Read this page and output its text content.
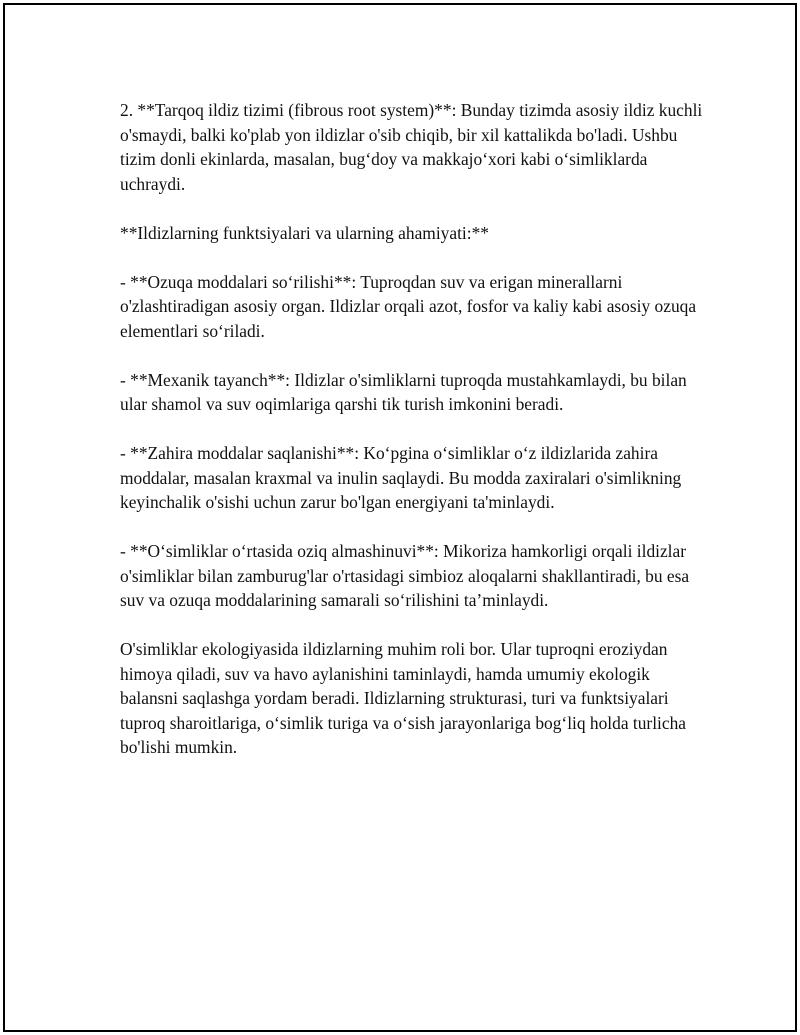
2. **Tarqoq ildiz tizimi (fibrous root system)**: Bunday tizimda asosiy ildiz kuchli o'smaydi, balki ko'plab yon ildizlar o'sib chiqib, bir xil kattalikda bo'ladi. Ushbu tizim donli ekinlarda, masalan, bug‘doy va makkajo‘xori kabi o‘simliklarda uchraydi.

**Ildizlarning funktsiyalari va ularning ahamiyati:**

- **Ozuqa moddalari so‘rilishi**: Tuproqdan suv va erigan minerallarni o'zlashtiradigan asosiy organ. Ildizlar orqali azot, fosfor va kaliy kabi asosiy ozuqa elementlari so‘riladi.

- **Mexanik tayanch**: Ildizlar o'simliklarni tuproqda mustahkamlaydi, bu bilan ular shamol va suv oqimlariga qarshi tik turish imkonini beradi.

- **Zahira moddalar saqlanishi**: Ko‘pgina o‘simliklar o‘z ildizlarida zahira moddalar, masalan kraxmal va inulin saqlaydi. Bu modda zaxiralari o'simlikning keyinchalik o'sishi uchun zarur bo'lgan energiyani ta'minlaydi.

- **O‘simliklar o‘rtasida oziq almashinuvi**: Mikoriza hamkorligi orqali ildizlar o'simliklar bilan zamburug'lar o'rtasidagi simbioz aloqalarni shakllantiradi, bu esa suv va ozuqa moddalarining samarali so‘rilishini ta’minlaydi.

O'simliklar ekologiyasida ildizlarning muhim roli bor. Ular tuproqni eroziydan himoya qiladi, suv va havo aylanishini taminlaydi, hamda umumiy ekologik balansni saqlashga yordam beradi. Ildizlarning strukturasi, turi va funktsiyalari tuproq sharoitlariga, o‘simlik turiga va o‘sish jarayonlariga bog‘liq holda turlicha bo'lishi mumkin.
